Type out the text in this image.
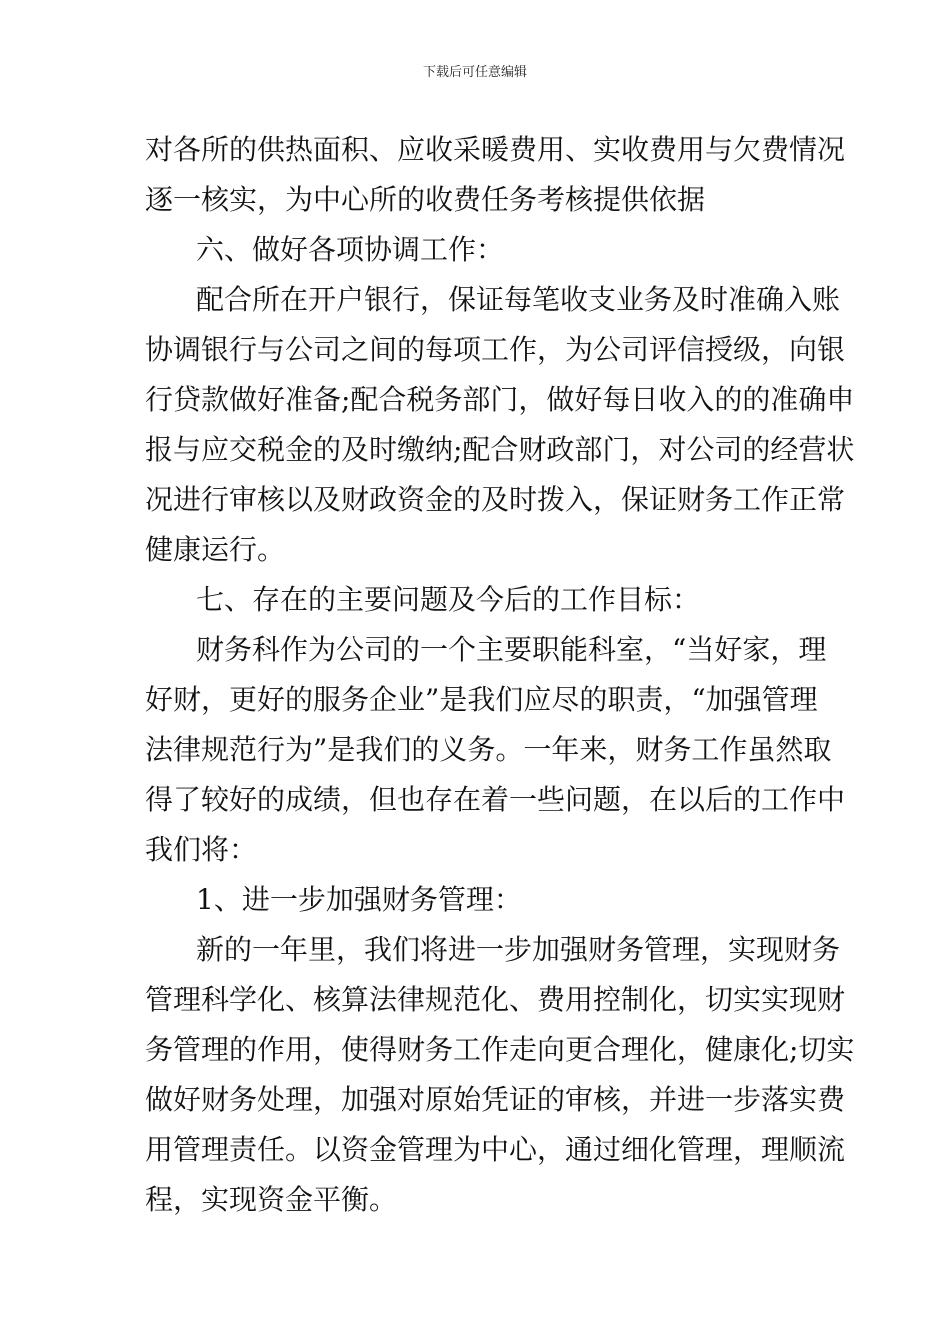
下载后可任意编辑
对各所的供热面积、应收采暖费用、实收费用与欠费情况
逐一核实，为中心所的收费任务考核提供依据
六、做好各项协调工作：
配合所在开户银行，保证每笔收支业务及时准确入账
协调银行与公司之间的每项工作，为公司评信授级，向银
行贷款做好准备;配合税务部门，做好每日收入的的准确申
报与应交税金的及时缴纳;配合财政部门，对公司的经营状
况进行审核以及财政资金的及时拨入，保证财务工作正常
健康运行。
七、存在的主要问题及今后的工作目标：
财务科作为公司的一个主要职能科室，“当好家，理
好财，更好的服务企业”是我们应尽的职责，“加强管理
法律规范行为”是我们的义务。一年来，财务工作虽然取
得了较好的成绩，但也存在着一些问题，在以后的工作中
我们将：
1、进一步加强财务管理：
新的一年里，我们将进一步加强财务管理，实现财务
管理科学化、核算法律规范化、费用控制化，切实实现财
务管理的作用，使得财务工作走向更合理化，健康化;切实
做好财务处理，加强对原始凭证的审核，并进一步落实费
用管理责任。以资金管理为中心，通过细化管理，理顺流
程，实现资金平衡。
